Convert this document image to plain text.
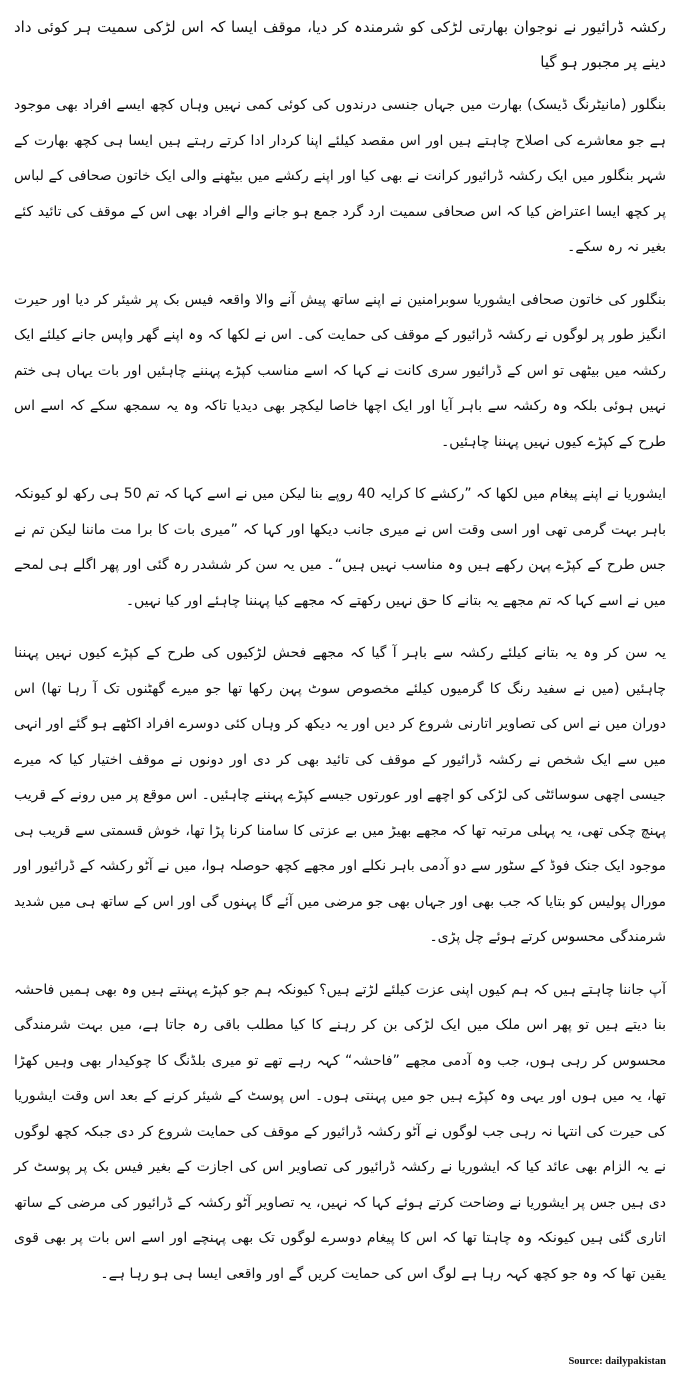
رکشہ ڈرائیور نے نوجوان بھارتی لڑکی کو شرمندہ کر دیا، موقف ایسا کہ اس لڑکی سمیت ہر کوئی داد دینے پر مجبور ہو گیا

بنگلور (مانیٹرنگ ڈیسک) بھارت میں جہاں جنسی درندوں کی کوئی کمی نہیں وہاں کچھ ایسے افراد بھی موجود ہے جو معاشرے کی اصلاح چاہتے ہیں اور اس مقصد کیلئے اپنا کردار ادا کرتے رہتے ہیں ایسا ہی کچھ بھارت کے شہر بنگلور میں ایک رکشہ ڈرائیور کرانت نے بھی کیا اور اپنے رکشے میں بیٹھنے والی ایک خاتون صحافی کے لباس پر کچھ ایسا اعتراض کیا کہ اس صحافی سمیت ارد گرد جمع ہو جانے والے افراد بھی اس کے موقف کی تائید کئے بغیر نہ رہ سکے۔

بنگلور کی خاتون صحافی ایشوریا سوبرامنین نے اپنے ساتھ پیش آنے والا واقعہ فیس بک پر شیئر کر دیا اور حیرت انگیز طور پر لوگوں نے رکشہ ڈرائیور کے موقف کی حمایت کی۔ اس نے لکھا کہ وہ اپنے گھر واپس جانے کیلئے ایک رکشہ میں بیٹھی تو اس کے ڈرائیور سری کانت نے کہا کہ اسے مناسب کپڑے پہننے چاہئیں اور بات یہاں ہی ختم نہیں ہوئی بلکہ وہ رکشہ سے باہر آیا اور ایک اچھا خاصا لیکچر بھی دیدیا تاکہ وہ یہ سمجھ سکے کہ اسے اس طرح کے کپڑے کیوں نہیں پہننا چاہئیں۔

ایشوریا نے اپنے پیغام میں لکھا کہ ”رکشے کا کرایہ 40 روپے بنا لیکن میں نے اسے کہا کہ تم 50 ہی رکھ لو کیونکہ باہر بہت گرمی تھی اور اسی وقت اس نے میری جانب دیکھا اور کہا کہ ”میری بات کا برا مت ماننا لیکن تم نے جس طرح کے کپڑے پہن رکھے ہیں وہ مناسب نہیں ہیں“۔ میں یہ سن کر ششدر رہ گئی اور پھر اگلے ہی لمحے میں نے اسے کہا کہ تم مجھے یہ بتانے کا حق نہیں رکھتے کہ مجھے کیا پہننا چاہئے اور کیا نہیں۔

یہ سن کر وہ یہ بتانے کیلئے رکشہ سے باہر آ گیا کہ مجھے فحش لڑکیوں کی طرح کے کپڑے کیوں نہیں پہننا چاہئیں (میں نے سفید رنگ کا گرمیوں کیلئے مخصوص سوٹ پہن رکھا تھا جو میرے گھٹنوں تک آ رہا تھا) اس دوران میں نے اس کی تصاویر اتارنی شروع کر دیں اور یہ دیکھ کر وہاں کئی دوسرے افراد اکٹھے ہو گئے اور انہی میں سے ایک شخص نے رکشہ ڈرائیور کے موقف کی تائید بھی کر دی اور دونوں نے موقف اختیار کیا کہ میرے جیسی اچھی سوسائٹی کی لڑکی کو اچھے اور عورتوں جیسے کپڑے پہننے چاہئیں۔ اس موقع پر میں رونے کے قریب پہنچ چکی تھی، یہ پہلی مرتبہ تھا کہ مجھے بھیڑ میں بے عزتی کا سامنا کرنا پڑا تھا، خوش قسمتی سے قریب ہی موجود ایک جنک فوڈ کے سٹور سے دو آدمی باہر نکلے اور مجھے کچھ حوصلہ ہوا، میں نے آٹو رکشہ کے ڈرائیور اور مورال پولیس کو بتایا کہ جب بھی اور جہاں بھی جو مرضی میں آئے گا پہنوں گی اور اس کے ساتھ ہی میں شدید شرمندگی محسوس کرتے ہوئے چل پڑی۔

آپ جاننا چاہتے ہیں کہ ہم کیوں اپنی عزت کیلئے لڑتے ہیں؟ کیونکہ ہم جو کپڑے پہنتے ہیں وہ بھی ہمیں فاحشہ بنا دیتے ہیں تو پھر اس ملک میں ایک لڑکی بن کر رہنے کا کیا مطلب باقی رہ جاتا ہے، میں بہت شرمندگی محسوس کر رہی ہوں، جب وہ آدمی مجھے ”فاحشہ“ کہہ رہے تھے تو میری بلڈنگ کا چوکیدار بھی وہیں کھڑا تھا، یہ میں ہوں اور یہی وہ کپڑے ہیں جو میں پہنتی ہوں۔ اس پوسٹ کے شیئر کرنے کے بعد اس وقت ایشوریا کی حیرت کی انتہا نہ رہی جب لوگوں نے آٹو رکشہ ڈرائیور کے موقف کی حمایت شروع کر دی جبکہ کچھ لوگوں نے یہ الزام بھی عائد کیا کہ ایشوریا نے رکشہ ڈرائیور کی تصاویر اس کی اجازت کے بغیر فیس بک پر پوسٹ کر دی ہیں جس پر ایشوریا نے وضاحت کرتے ہوئے کہا کہ نہیں، یہ تصاویر آٹو رکشہ کے ڈرائیور کی مرضی کے ساتھ اتاری گئی ہیں کیونکہ وہ چاہتا تھا کہ اس کا پیغام دوسرے لوگوں تک بھی پہنچے اور اسے اس بات پر بھی قوی یقین تھا کہ وہ جو کچھ کہہ رہا ہے لوگ اس کی حمایت کریں گے اور واقعی ایسا ہی ہو رہا ہے۔

Source: dailypakistan
